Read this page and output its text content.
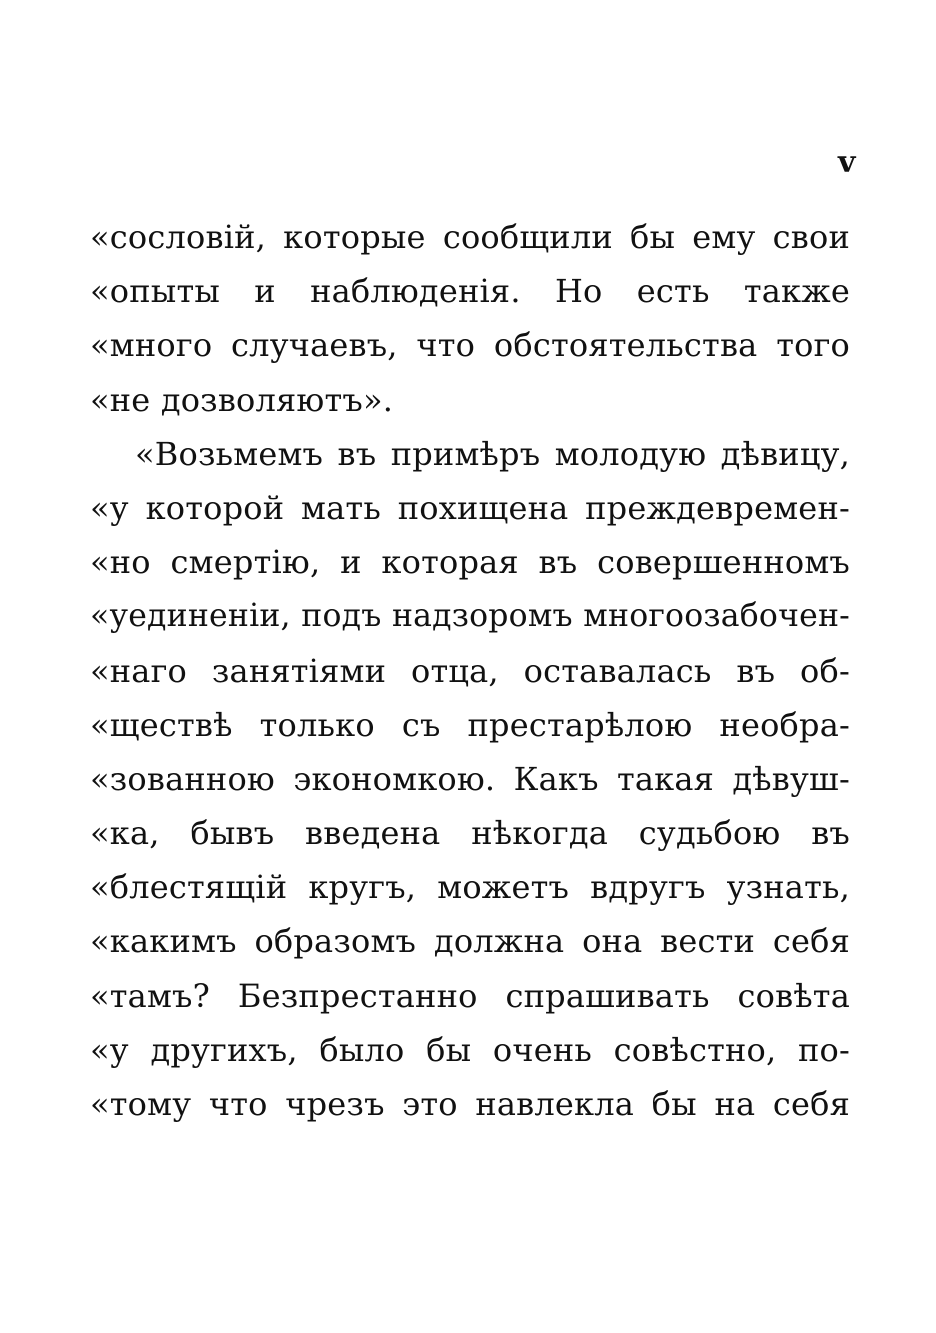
v
«сословій, которые сообщили бы ему свои
«опыты и наблюденія. Но есть также
«много случаевъ, что обстоятельства того
«не дозволяютъ».
«Возьмемъ въ примѣръ молодую дѣвицу,
«у которой мать похищена преждевремен-
«но смертію, и которая въ совершенномъ
«уединеніи, подъ надзоромъ многоозабочен-
«наго занятіями отца, оставалась въ об-
«ществѣ только съ престарѣлою необра-
«зованною экономкою. Какъ такая дѣвуш-
«ка, бывъ введена нѣкогда судьбою въ
«блестящій кругъ, можетъ вдругъ узнать,
«какимъ образомъ должна она вести себя
«тамъ? Безпрестанно спрашивать совѣта
«у другихъ, было бы очень совѣстно, по-
«тому что чрезъ это навлекла бы на себя
